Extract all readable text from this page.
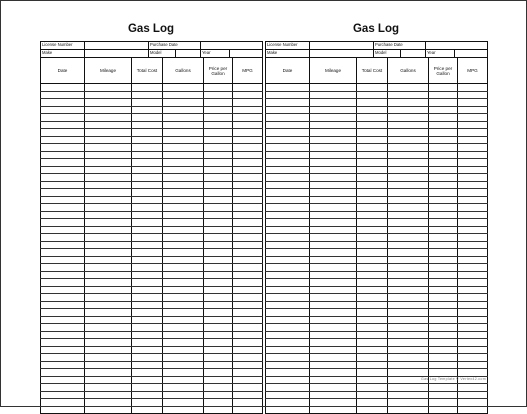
Gas Log
License Number		Purchase Date			
Make		Model		Year	
Date	Mileage	Total Cost	Gallons	Price per Gallon	MPG

Gas Log
License Number		Purchase Date			
Make		Model		Year	
Date	Mileage	Total Cost	Gallons	Price per Gallon	MPG

Gas Log Template © Vertex42.com
